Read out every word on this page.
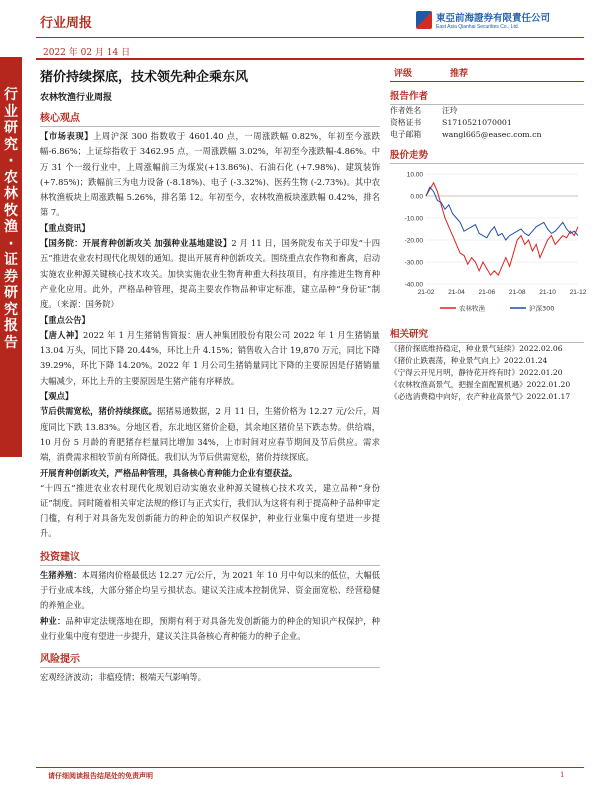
行业周报
2022 年 02 月 14 日
東亞前海證券有限責任公司
East Asia Qianhai Securities Co., Ltd.
行
业
研
究
·
农
林
牧
渔
·
证
券
研
究
报
告
猪价持续探底，技术领先种企乘东风
农林牧渔行业周报
核心观点
【市场表现】上周沪深 300 指数收于 4601.40 点，一周涨跌幅 0.82%，年初至今涨跌幅-6.86%；上证综指收于 3462.95 点，一周涨跌幅 3.02%，年初至今涨跌幅-4.86%。中万 31 个一级行业中，上周涨幅前三为煤炭(+13.86%)、石油石化 (+7.98%)、建筑装饰 (+7.85%)；跌幅前三为电力设备 (-8.18%)、电子 (-3.32%)、医药生物 (-2.73%)。其中农林牧渔板块上周涨跌幅 5.26%，排名第 12。年初至今，农林牧渔板块涨跌幅 0.42%，排名第 7。
【重点资讯】
【国务院：开展育种创新攻关 加强种业基地建设】2 月 11 日，国务院发布关于印发“十四五”推进农业农村现代化规划的通知。提出开展育种创新攻关。围绕重点农作物和畜禽，启动实施农业种源关键核心技术攻关。加快实施农业生物育种重大科技项目，有序推进生物育种产业化应用。此外，严格品种管理，提高主要农作物品种审定标准，建立品种“身份证”制度。（来源：国务院）
【重点公告】
【唐人神】2022 年 1 月生猪销售简报：唐人神集团股份有限公司 2022 年 1 月生猪销量 13.04 万头，同比下降 20.44%，环比上升 4.15%；销售收入合计 19,870 万元，同比下降 39.29%，环比下降 14.20%。2022 年 1 月公司生猪销量同比下降的主要原因是仔猪销量大幅减少，环比上升的主要原因是生猪产能有序释放。
【观点】
节后供需宽松，猪价持续探底。据猪易通数据，2 月 11 日，生猪价格为 12.27 元/公斤，周度同比下跌 13.83%。分地区看，东北地区猪价企稳，其余地区猪价呈下跌态势。供给端，10 月份 5 月龄的育肥猪存栏量同比增加 34%，上市时间对应春节期间及节后供应。需求端，消费需求相较节前有所降低。我们认为节后供需宽松，猪价持续探底。
开展育种创新攻关，严格品种管理，具备核心育种能力企业有望获益。
“十四五”推进农业农村现代化规划启动实施农业种源关键核心技术攻关，建立品种“身份证”制度。同时随着相关审定法规的修订与正式实行，我们认为这将有利于提高种子品种审定门槛，有利于对具备先发创新能力的种企的知识产权保护，种业行业集中度有望进一步提升。
投资建议
生猪养殖：本周猪肉价格最低达 12.27 元/公斤，为 2021 年 10 月中旬以来的低位，大幅低于行业成本线，大部分猪企均呈亏损状态。建议关注成本控制优异、资金面宽松、经营稳健的养殖企业。
种业：品种审定法规落地在即，预期有利于对具备先发创新能力的种企的知识产权保护，种业行业集中度有望进一步提升，建议关注具备核心育种能力的种子企业。
风险提示
宏观经济波动；非瘟疫情；极端天气影响等。
评级	推荐
报告作者
作者姓名	汪玲
资格证书	S1710521070001
电子邮箱	wangl665@easec.com.cn
股价走势
10.00
0.00
-10.00
-20.00
-30.00
-40.00
21-02 21-04 21-06 21-08 21-10 21-12
农林牧渔	沪深300
相关研究
《猪价探底维持稳定，种业景气延续》2022.02.06
《猪价止跌震荡，种业景气向上》2022.01.24
《宁得云开见月明，静待花开终有时》2022.01.20
《农林牧渔高景气，把握全面配置机遇》2022.01.20
《必选消费稳中向好，农产种业高景气》2022.01.17
请仔细阅读报告结尾处的免责声明	1
